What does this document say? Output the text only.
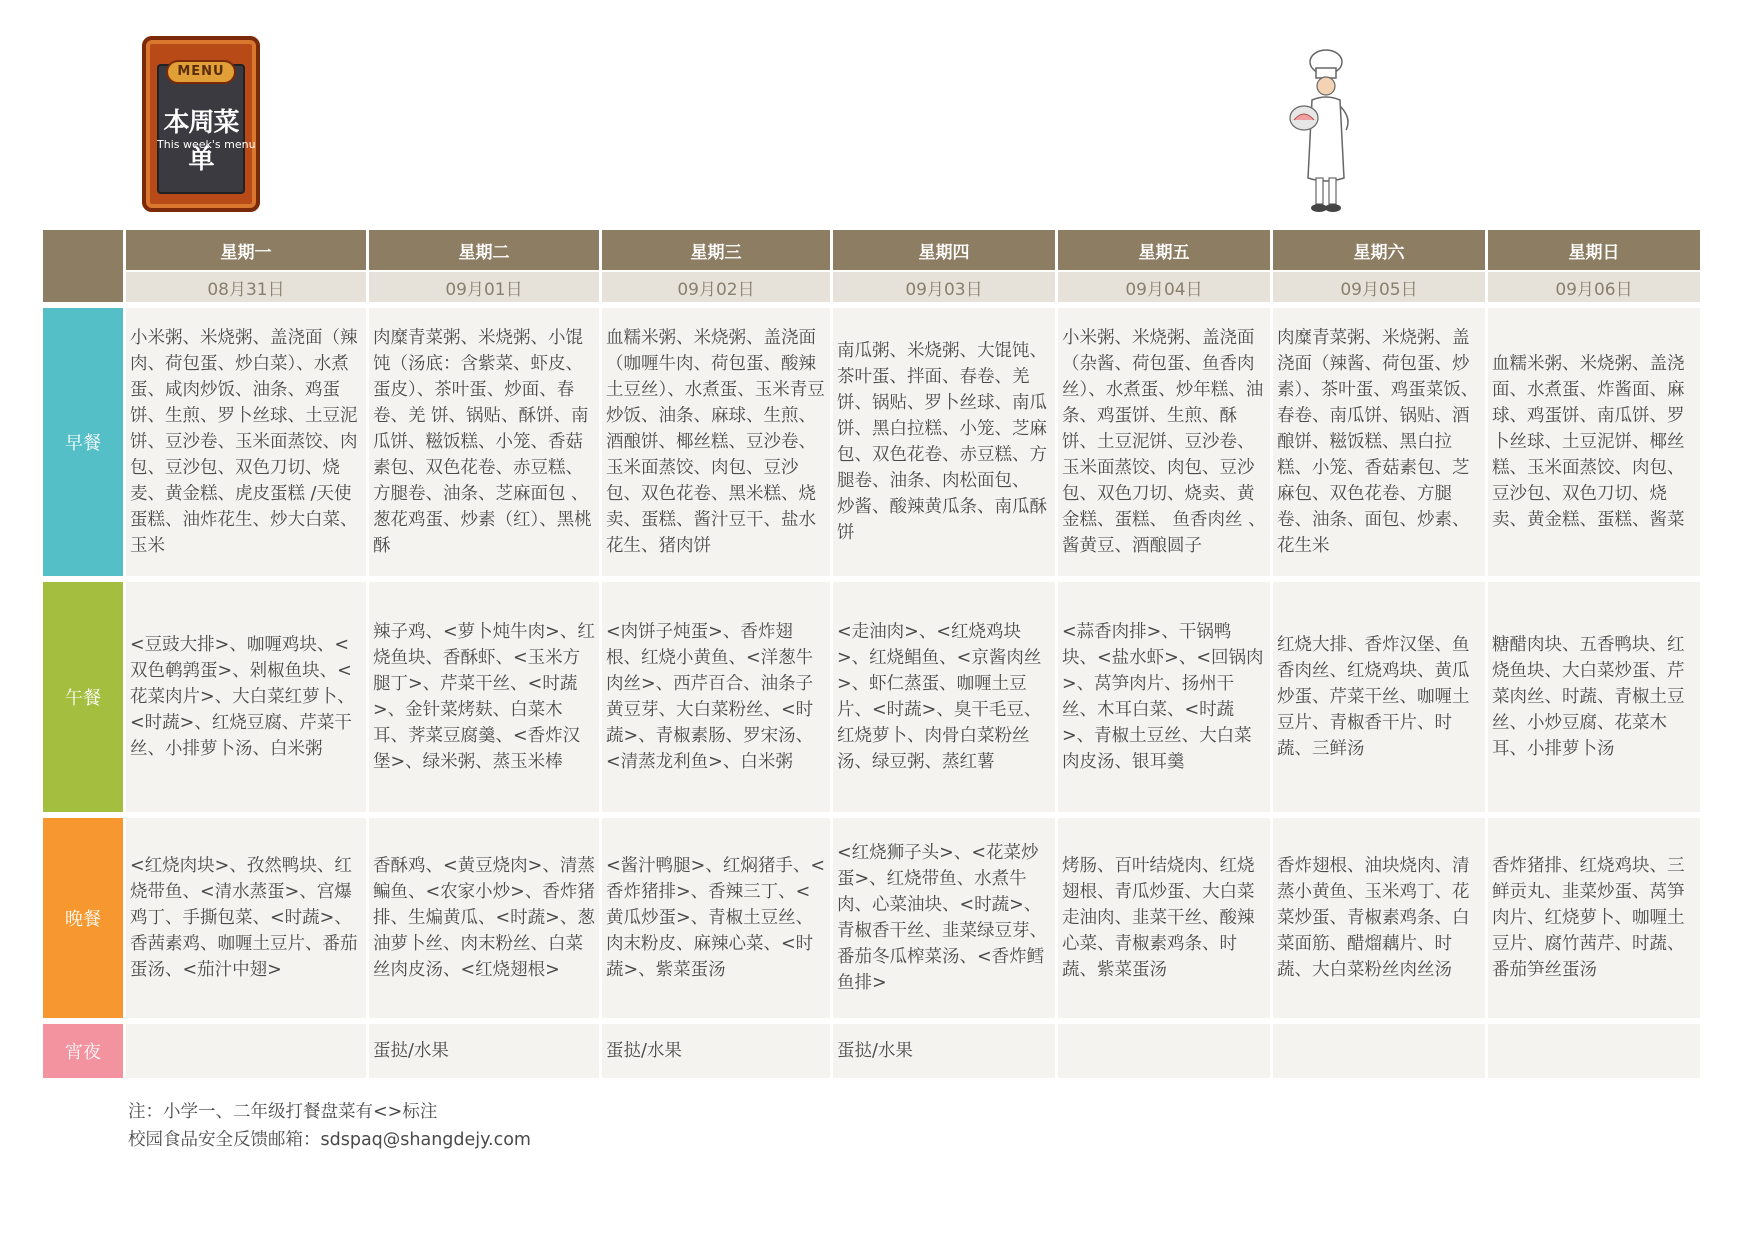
MENU
本周菜单
This week's menu
	星期一	星期二	星期三	星期四	星期五	星期六	星期日
	08月31日	09月01日	09月02日	09月03日	09月04日	09月05日	09月06日

早餐	小米粥、米烧粥、盖浇面（辣肉、荷包蛋、炒白菜）、水煮蛋、咸肉炒饭、油条、鸡蛋饼、生煎、罗卜丝球、土豆泥饼、豆沙卷、玉米面蒸饺、肉包、豆沙包、双色刀切、烧麦、黄金糕、虎皮蛋糕 /天使蛋糕、油炸花生、炒大白菜、玉米	肉糜青菜粥、米烧粥、小馄饨（汤底：含紫菜、虾皮、蛋皮）、茶叶蛋、炒面、春卷、羌 饼、锅贴、酥饼、南瓜饼、糍饭糕、小笼、香菇素包、双色花卷、赤豆糕、方腿卷、油条、芝麻面包 、葱花鸡蛋、炒素（红）、黑桃酥	血糯米粥、米烧粥、盖浇面（咖喱牛肉、荷包蛋、酸辣土豆丝）、水煮蛋、玉米青豆炒饭、油条、麻球、生煎、酒酿饼、椰丝糕、豆沙卷、玉米面蒸饺、肉包、豆沙包、双色花卷、黑米糕、烧卖、蛋糕、酱汁豆干、盐水花生、猪肉饼	南瓜粥、米烧粥、大馄饨、茶叶蛋、拌面、春卷、羌饼、锅贴、罗卜丝球、南瓜饼、黑白拉糕、小笼、芝麻包、双色花卷、赤豆糕、方腿卷、油条、肉松面包、 炒酱、酸辣黄瓜条、南瓜酥饼	小米粥、米烧粥、盖浇面（杂酱、荷包蛋、鱼香肉丝）、水煮蛋、炒年糕、油条、鸡蛋饼、生煎、酥饼、土豆泥饼、豆沙卷、玉米面蒸饺、肉包、豆沙包、双色刀切、烧卖、黄金糕、蛋糕、 鱼香肉丝 、酱黄豆、酒酿圆子	肉糜青菜粥、米烧粥、盖浇面（辣酱、荷包蛋、炒素）、茶叶蛋、鸡蛋菜饭、春卷、南瓜饼、锅贴、酒酿饼、糍饭糕、黑白拉糕、小笼、香菇素包、芝麻包、双色花卷、方腿卷、油条、面包、炒素、 花生米	血糯米粥、米烧粥、盖浇面、水煮蛋、炸酱面、麻球、鸡蛋饼、南瓜饼、罗卜丝球、土豆泥饼、椰丝糕、玉米面蒸饺、肉包、豆沙包、双色刀切、烧卖、黄金糕、蛋糕、酱菜

午餐	<豆豉大排>、咖喱鸡块、<双色鹌鹑蛋>、剁椒鱼块、<花菜肉片>、大白菜红萝卜、<时蔬>、红烧豆腐、芹菜干丝、小排萝卜汤、白米粥	辣子鸡、<萝卜炖牛肉>、红烧鱼块、香酥虾、<玉米方腿丁>、芹菜干丝、<时蔬>、金针菜烤麸、白菜木耳、荠菜豆腐羹、<香炸汉堡>、绿米粥、蒸玉米棒	<肉饼子炖蛋>、香炸翅根、红烧小黄鱼、<洋葱牛肉丝>、西芹百合、油条子黄豆芽、大白菜粉丝、<时蔬>、青椒素肠、罗宋汤、<清蒸龙利鱼>、白米粥	<走油肉>、<红烧鸡块>、红烧鲳鱼、<京酱肉丝>、虾仁蒸蛋、咖喱土豆片、<时蔬>、臭干毛豆、红烧萝卜、肉骨白菜粉丝汤、绿豆粥、蒸红薯	<蒜香肉排>、干锅鸭块、<盐水虾>、<回锅肉>、莴笋肉片、扬州干丝、木耳白菜、<时蔬>、青椒土豆丝、大白菜肉皮汤、银耳羹	红烧大排、香炸汉堡、鱼香肉丝、红烧鸡块、黄瓜炒蛋、芹菜干丝、咖喱土豆片、青椒香干片、时蔬、三鲜汤	糖醋肉块、五香鸭块、红烧鱼块、大白菜炒蛋、芹菜肉丝、时蔬、青椒土豆丝、小炒豆腐、花菜木耳、小排萝卜汤

晚餐	<红烧肉块>、孜然鸭块、红烧带鱼、<清水蒸蛋>、宫爆鸡丁、手撕包菜、<时蔬>、香茜素鸡、咖喱土豆片、番茄蛋汤、<茄汁中翅>	香酥鸡、<黄豆烧肉>、清蒸鳊鱼、<农家小炒>、香炸猪排、生煸黄瓜、<时蔬>、葱油萝卜丝、肉末粉丝、白菜丝肉皮汤、<红烧翅根>	<酱汁鸭腿>、红焖猪手、<香炸猪排>、香辣三丁、<黄瓜炒蛋>、青椒土豆丝、肉末粉皮、麻辣心菜、<时蔬>、紫菜蛋汤	<红烧狮子头>、<花菜炒蛋>、红烧带鱼、水煮牛肉、心菜油块、<时蔬>、青椒香干丝、韭菜绿豆芽、番茄冬瓜榨菜汤、<香炸鳕鱼排>	烤肠、百叶结烧肉、红烧翅根、青瓜炒蛋、大白菜走油肉、韭菜干丝、酸辣心菜、青椒素鸡条、时蔬、紫菜蛋汤	香炸翅根、油块烧肉、清蒸小黄鱼、玉米鸡丁、花菜炒蛋、青椒素鸡条、白菜面筋、醋熘藕片、时蔬、大白菜粉丝肉丝汤	香炸猪排、红烧鸡块、三鲜贡丸、韭菜炒蛋、莴笋肉片、红烧萝卜、咖喱土豆片、腐竹茜芹、时蔬、番茄笋丝蛋汤

宵夜		蛋挞/水果	蛋挞/水果	蛋挞/水果			
注：小学一、二年级打餐盘菜有<>标注
校园食品安全反馈邮箱：sdspaq@shangdejy.com
